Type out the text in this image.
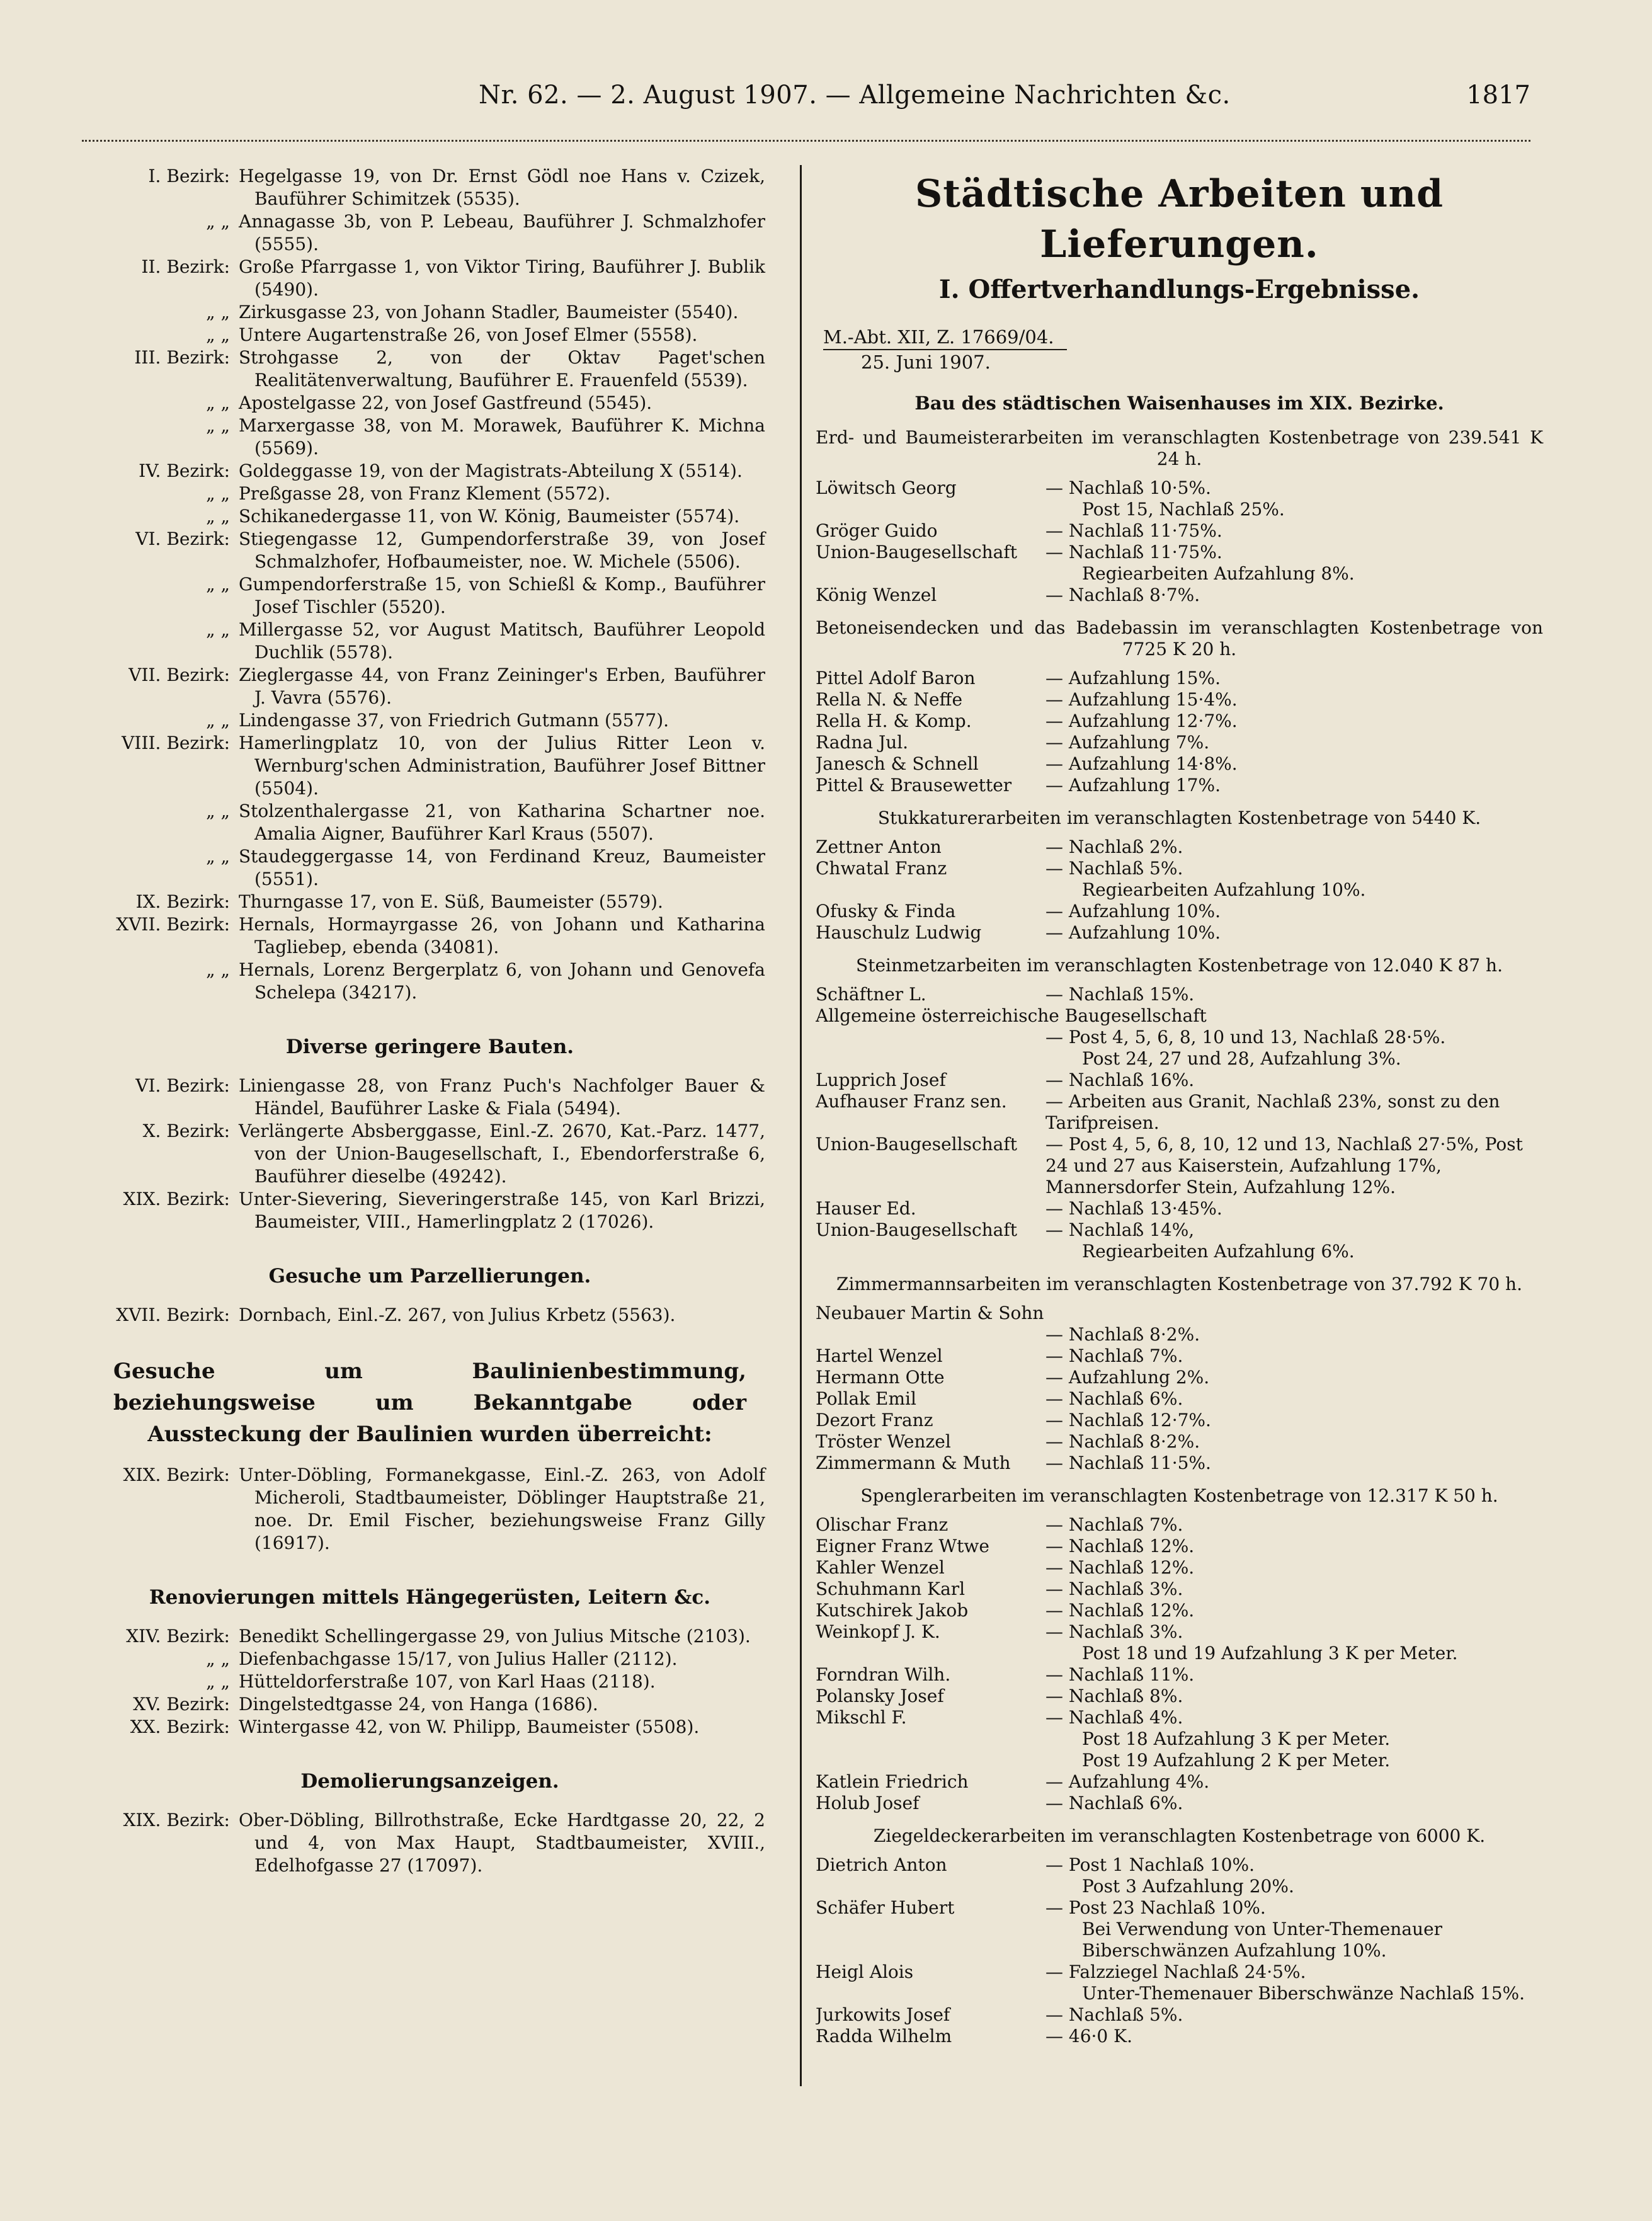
Nr. 62. — 2. August 1907. — Allgemeine Nachrichten &c.	1817
I. Bezirk: Hegelgasse 19, von Dr. Ernst Gödl noe Hans v. Czizek, Bauführer Schimitzek (5535).
„ „ Annagasse 3b, von P. Lebeau, Bauführer J. Schmalzhofer (5555).
II. Bezirk: Große Pfarrgasse 1, von Viktor Tiring, Bauführer J. Bublik (5490).
„ „ Zirkusgasse 23, von Johann Stadler, Baumeister (5540).
„ „ Untere Augartenstraße 26, von Josef Elmer (5558).
III. Bezirk: Strohgasse 2, von der Oktav Paget'schen Realitätenverwaltung, Bauführer E. Frauenfeld (5539).
„ „ Apostelgasse 22, von Josef Gastfreund (5545).
„ „ Marxergasse 38, von M. Morawek, Bauführer K. Michna (5569).
IV. Bezirk: Goldeggasse 19, von der Magistrats-Abteilung X (5514).
„ „ Preßgasse 28, von Franz Klement (5572).
„ „ Schikanedergasse 11, von W. König, Baumeister (5574).
VI. Bezirk: Stiegengasse 12, Gumpendorferstraße 39, von Josef Schmalzhofer, Hofbaumeister, noe. W. Michele (5506).
„ „ Gumpendorferstraße 15, von Schießl & Komp., Bauführer Josef Tischler (5520).
„ „ Millergasse 52, vor August Matitsch, Bauführer Leopold Duchlik (5578).
VII. Bezirk: Zieglergasse 44, von Franz Zeininger's Erben, Bauführer J. Vavra (5576).
„ „ Lindengasse 37, von Friedrich Gutmann (5577).
VIII. Bezirk: Hamerlingplatz 10, von der Julius Ritter Leon v. Wernburg'schen Administration, Bauführer Josef Bittner (5504).
„ „ Stolzenthalergasse 21, von Katharina Schartner noe. Amalia Aigner, Bauführer Karl Kraus (5507).
„ „ Staudeggergasse 14, von Ferdinand Kreuz, Baumeister (5551).
IX. Bezirk: Thurngasse 17, von E. Süß, Baumeister (5579).
XVII. Bezirk: Hernals, Hormayrgasse 26, von Johann und Katharina Tagliebер, ebenda (34081).
„ „ Hernals, Lorenz Bergerplatz 6, von Johann und Genovefa Schelepa (34217).
Diverse geringere Bauten.
VI. Bezirk: Liniengasse 28, von Franz Puch's Nachfolger Bauer & Händel, Bauführer Laske & Fiala (5494).
X. Bezirk: Verlängerte Absberggasse, Einl.-Z. 2670, Kat.-Parz. 1477, von der Union-Baugesellschaft, I., Ebendorferstraße 6, Bauführer dieselbe (49242).
XIX. Bezirk: Unter-Sievering, Sieveringerstraße 145, von Karl Brizzi, Baumeister, VIII., Hamerlingplatz 2 (17026).
Gesuche um Parzellierungen.
XVII. Bezirk: Dornbach, Einl.-Z. 267, von Julius Krbetz (5563).
Gesuche um Baulinienbestimmung, beziehungsweise um Bekanntgabe oder Aussteckung der Baulinien wurden überreicht:
XIX. Bezirk: Unter-Döbling, Formanekgasse, Einl.-Z. 263, von Adolf Micheroli, Stadtbaumeister, Döblinger Hauptstraße 21, noe. Dr. Emil Fischer, beziehungsweise Franz Gilly (16917).
Renovierungen mittels Hängegerüsten, Leitern &c.
XIV. Bezirk: Benedikt Schellingergasse 29, von Julius Mitsche (2103).
„ „ Diefenbachgasse 15/17, von Julius Haller (2112).
„ „ Hütteldorferstraße 107, von Karl Haas (2118).
XV. Bezirk: Dingelstedtgasse 24, von Hanga (1686).
XX. Bezirk: Wintergasse 42, von W. Philipp, Baumeister (5508).
Demolierungsanzeigen.
XIX. Bezirk: Ober-Döbling, Billrothstraße, Ecke Hardtgasse 20, 22, 2 und 4, von Max Haupt, Stadtbaumeister, XVIII., Edelhofgasse 27 (17097).
Städtische Arbeiten und Lieferungen.
I. Offertverhandlungs-Ergebnisse.
M.-Abt. XII, Z. 17669/04.
25. Juni 1907.
Bau des städtischen Waisenhauses im XIX. Bezirke.
Erd- und Baumeisterarbeiten im veranschlagten Kostenbetrage von 239.541 K 24 h.
Löwitsch Georg	— Nachlaß 10·5%.
Post 15, Nachlaß 25%.
Gröger Guido	— Nachlaß 11·75%.
Union-Baugesellschaft	— Nachlaß 11·75%.
Regiearbeiten Aufzahlung 8%.
König Wenzel	— Nachlaß 8·7%.
Betoneisendecken und das Badebassin im veranschlagten Kostenbetrage von 7725 K 20 h.
Pittel Adolf Baron	— Aufzahlung 15%.
Rella N. & Neffe	— Aufzahlung 15·4%.
Rella H. & Komp.	— Aufzahlung 12·7%.
Radna Jul.	— Aufzahlung 7%.
Janesch & Schnell	— Aufzahlung 14·8%.
Pittel & Brausewetter	— Aufzahlung 17%.
Stukkaturerarbeiten im veranschlagten Kostenbetrage von 5440 K.
Zettner Anton	— Nachlaß 2%.
Chwatal Franz	— Nachlaß 5%.
Regiearbeiten Aufzahlung 10%.
Ofusky & Finda	— Aufzahlung 10%.
Hauschulz Ludwig	— Aufzahlung 10%.
Steinmetzarbeiten im veranschlagten Kostenbetrage von 12.040 K 87 h.
Schäftner L.	— Nachlaß 15%.
Allgemeine österreichische Baugesellschaft
— Post 4, 5, 6, 8, 10 und 13, Nachlaß 28·5%.
Post 24, 27 und 28, Aufzahlung 3%.
Lupprich Josef	— Nachlaß 16%.
Aufhauser Franz sen.	— Arbeiten aus Granit, Nachlaß 23%, sonst zu den Tarifpreisen.
Union-Baugesellschaft	— Post 4, 5, 6, 8, 10, 12 und 13, Nachlaß 27·5%, Post 24 und 27 aus Kaiserstein, Aufzahlung 17%, Mannersdorfer Stein, Aufzahlung 12%.
Hauser Ed.	— Nachlaß 13·45%.
Union-Baugesellschaft	— Nachlaß 14%,
Regiearbeiten Aufzahlung 6%.
Zimmermannsarbeiten im veranschlagten Kostenbetrage von 37.792 K 70 h.
Neubauer Martin & Sohn
— Nachlaß 8·2%.
Hartel Wenzel	— Nachlaß 7%.
Hermann Otte	— Aufzahlung 2%.
Pollak Emil	— Nachlaß 6%.
Dezort Franz	— Nachlaß 12·7%.
Tröster Wenzel	— Nachlaß 8·2%.
Zimmermann & Muth	— Nachlaß 11·5%.
Spenglerarbeiten im veranschlagten Kostenbetrage von 12.317 K 50 h.
Olischar Franz	— Nachlaß 7%.
Eigner Franz Wtwe	— Nachlaß 12%.
Kahler Wenzel	— Nachlaß 12%.
Schuhmann Karl	— Nachlaß 3%.
Kutschirek Jakob	— Nachlaß 12%.
Weinkopf J. K.	— Nachlaß 3%.
Post 18 und 19 Aufzahlung 3 K per Meter.
Forndran Wilh.	— Nachlaß 11%.
Polansky Josef	— Nachlaß 8%.
Mikschl F.	— Nachlaß 4%.
Post 18 Aufzahlung 3 K per Meter.
Post 19 Aufzahlung 2 K per Meter.
Katlein Friedrich	— Aufzahlung 4%.
Holub Josef	— Nachlaß 6%.
Ziegeldeckerarbeiten im veranschlagten Kostenbetrage von 6000 K.
Dietrich Anton	— Post 1 Nachlaß 10%.
Post 3 Aufzahlung 20%.
Schäfer Hubert	— Post 23 Nachlaß 10%.
Bei Verwendung von Unter-Themenauer Biberschwänzen Aufzahlung 10%.
Heigl Alois	— Falzziegel Nachlaß 24·5%.
Unter-Themenauer Biberschwänze Nachlaß 15%.
Jurkowits Josef	— Nachlaß 5%.
Radda Wilhelm	— 46·0 K.
